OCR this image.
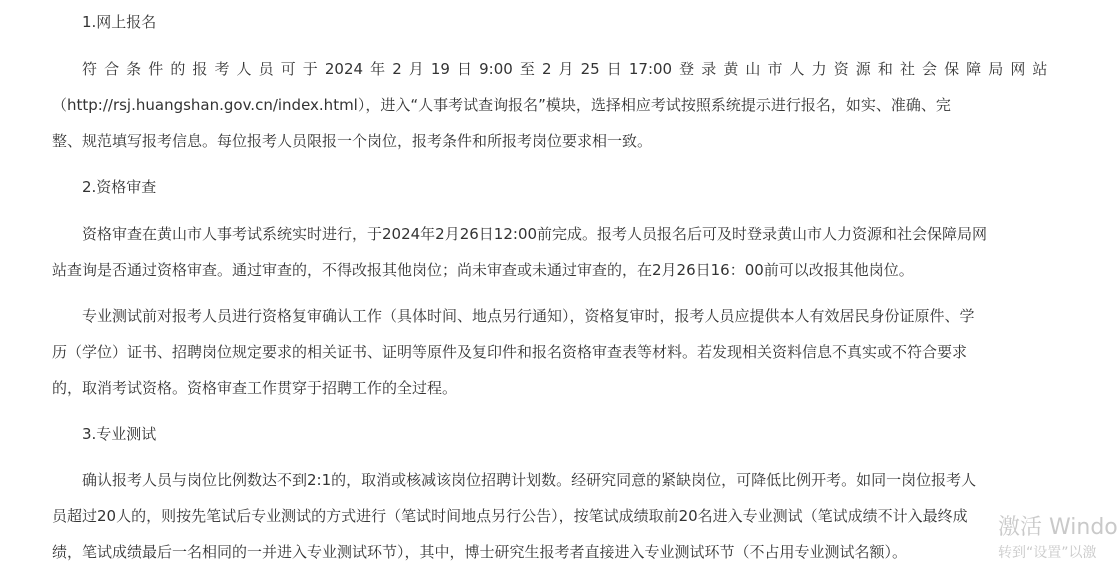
1.网上报名

符 合 条 件 的 报 考 人 员 可 于 2024 年 2 月 19 日 9:00 至 2 月 25 日 17:00 登 录 黄 山 市 人 力 资 源 和 社 会 保 障 局 网 站

（http://rsj.huangshan.gov.cn/index.html），进入“人事考试查询报名”模块，选择相应考试按照系统提示进行报名，如实、准确、完

整、规范填写报考信息。每位报考人员限报一个岗位，报考条件和所报考岗位要求相一致。

2.资格审查

资格审查在黄山市人事考试系统实时进行，于2024年2月26日12:00前完成。报考人员报名后可及时登录黄山市人力资源和社会保障局网

站查询是否通过资格审查。通过审查的，不得改报其他岗位；尚未审查或未通过审查的，在2月26日16：00前可以改报其他岗位。

专业测试前对报考人员进行资格复审确认工作（具体时间、地点另行通知），资格复审时，报考人员应提供本人有效居民身份证原件、学

历（学位）证书、招聘岗位规定要求的相关证书、证明等原件及复印件和报名资格审查表等材料。若发现相关资料信息不真实或不符合要求

的，取消考试资格。资格审查工作贯穿于招聘工作的全过程。

3.专业测试

确认报考人员与岗位比例数达不到2:1的，取消或核减该岗位招聘计划数。经研究同意的紧缺岗位，可降低比例开考。如同一岗位报考人

员超过20人的，则按先笔试后专业测试的方式进行（笔试时间地点另行公告），按笔试成绩取前20名进入专业测试（笔试成绩不计入最终成

绩，笔试成绩最后一名相同的一并进入专业测试环节），其中，博士研究生报考者直接进入专业测试环节（不占用专业测试名额）。

激活 Windo
转到“设置”以激
